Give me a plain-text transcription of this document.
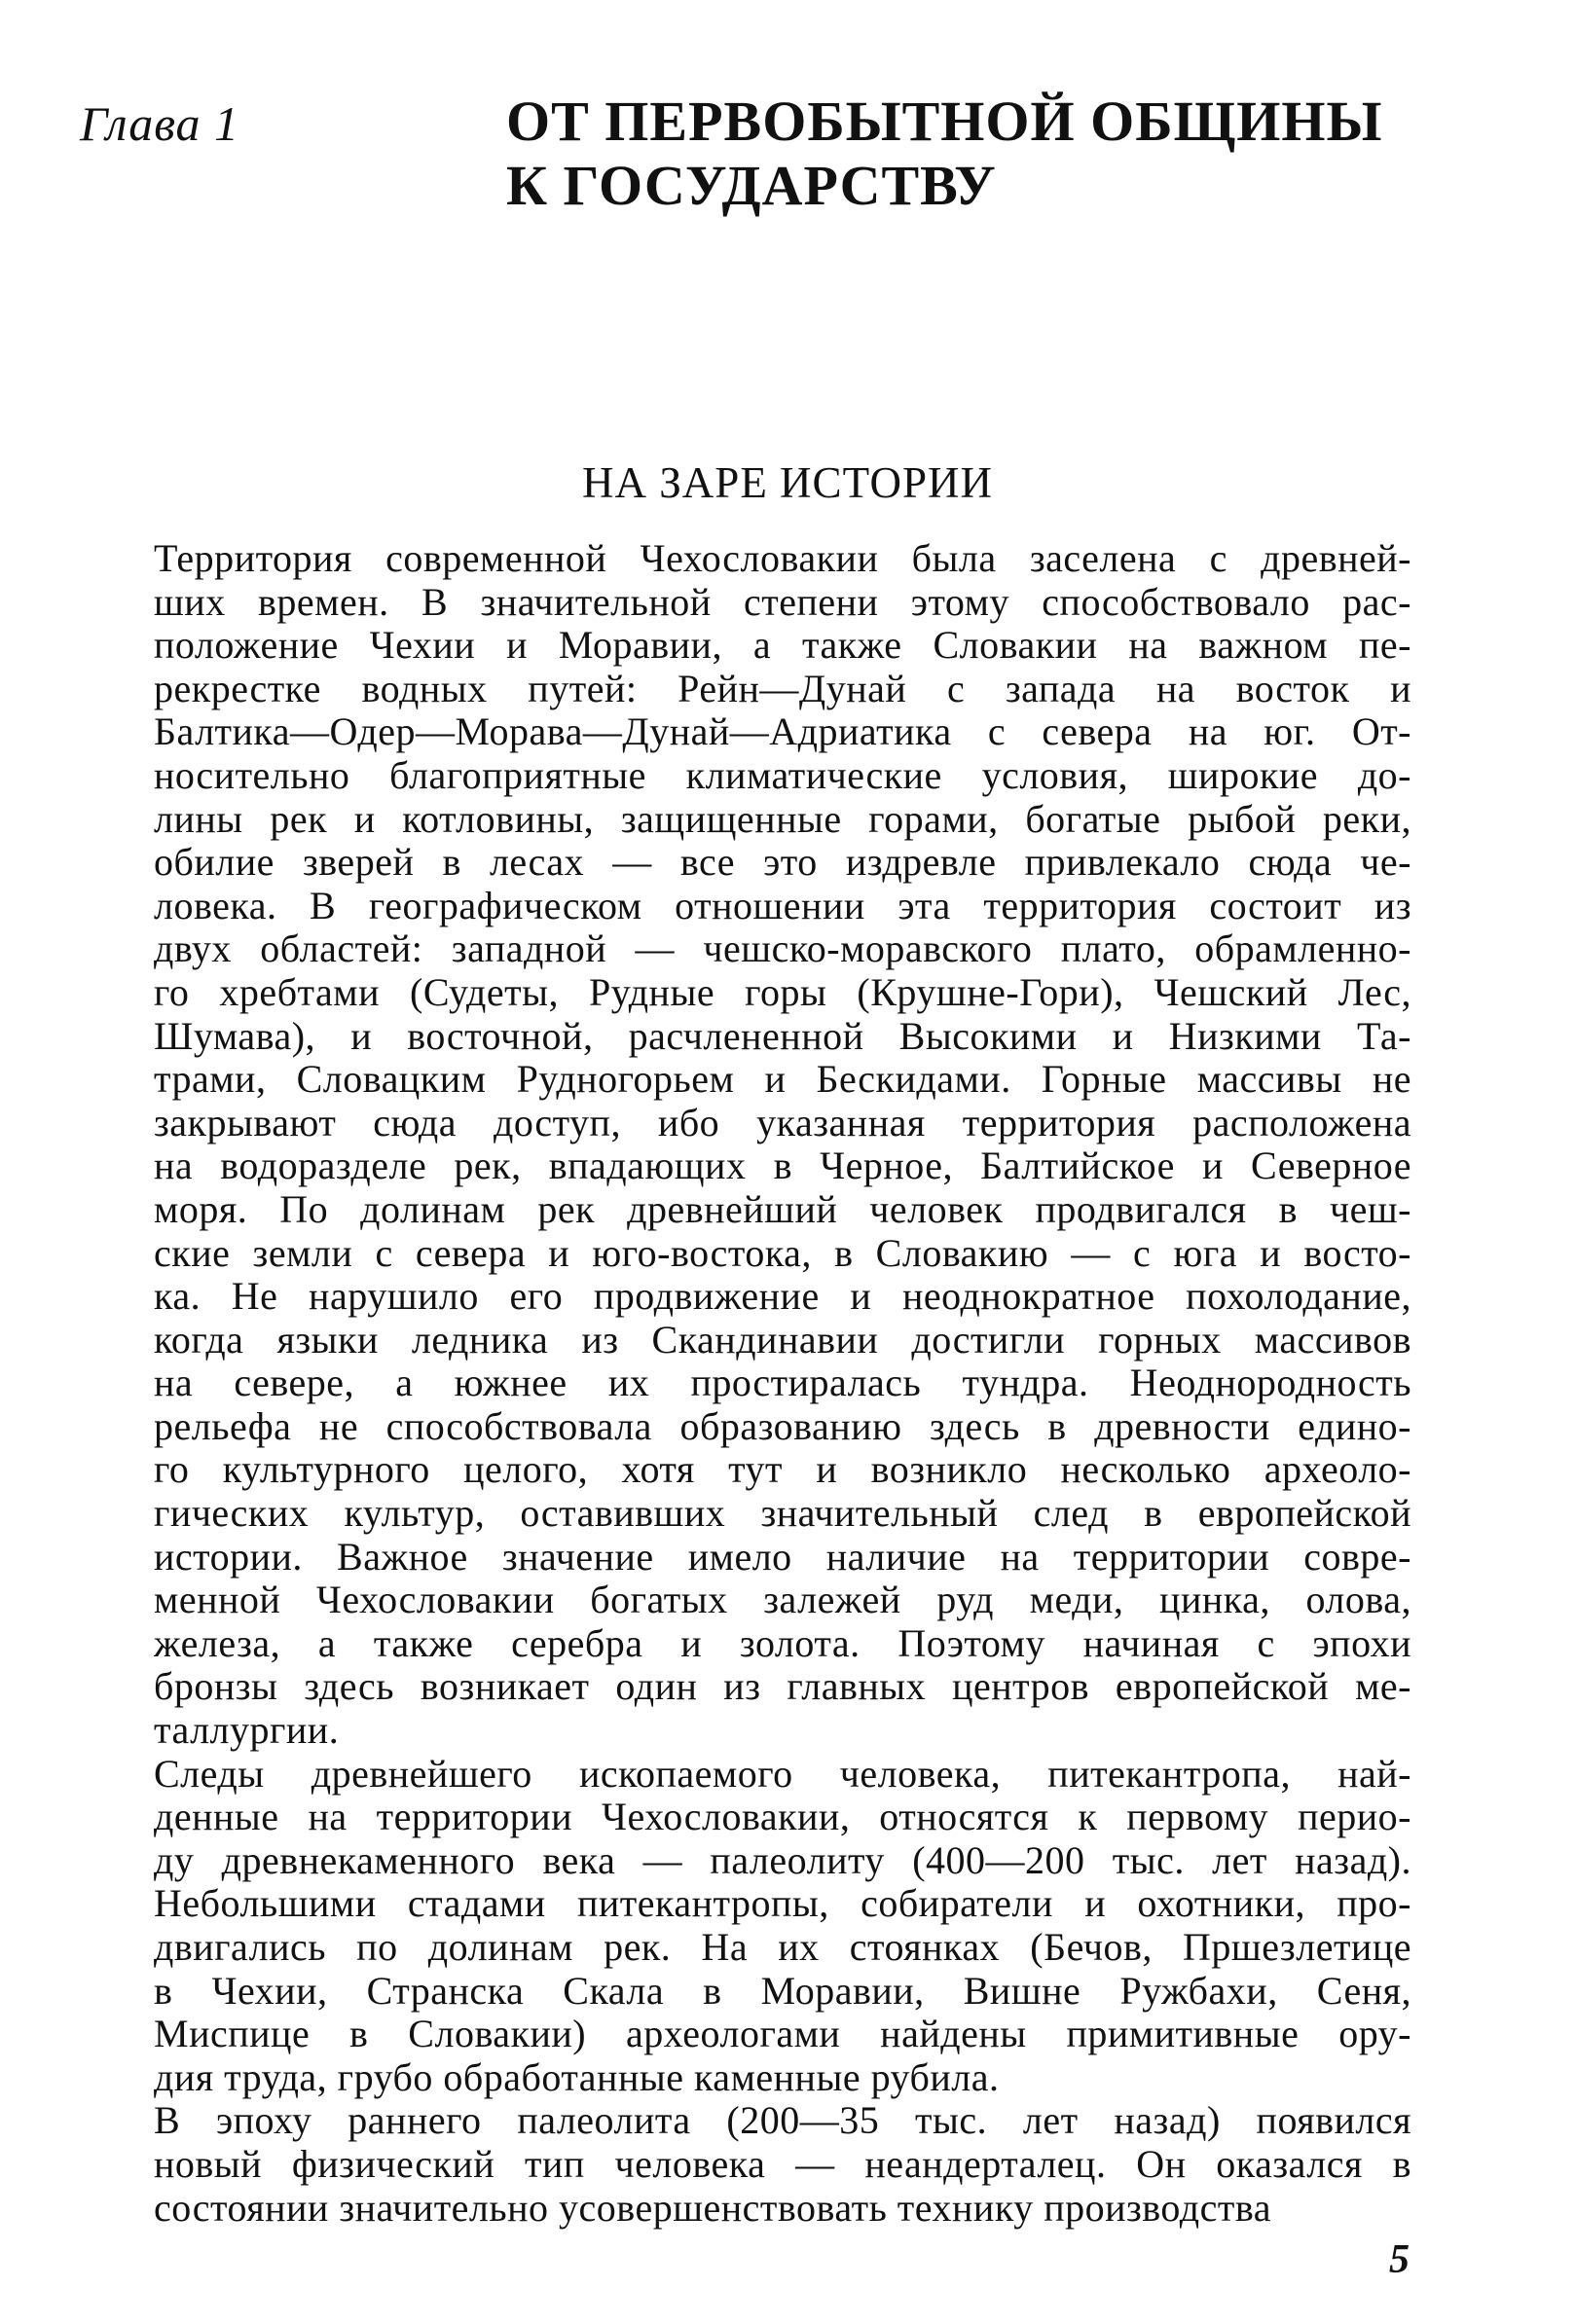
Глава 1	ОТ ПЕРВОБЫТНОЙ ОБЩИНЫ
К ГОСУДАРСТВУ
НА ЗАРЕ ИСТОРИИ

Территория современной Чехословакии была заселена с древней-
ших времен. В значительной степени этому способствовало рас-
положение Чехии и Моравии, а также Словакии на важном пе-
рекрестке водных путей: Рейн—Дунай с запада на восток и
Балтика—Одер—Морава—Дунай—Адриатика с севера на юг. От-
носительно благоприятные климатические условия, широкие до-
лины рек и котловины, защищенные горами, богатые рыбой реки,
обилие зверей в лесах — все это издревле привлекало сюда че-
ловека. В географическом отношении эта территория состоит из
двух областей: западной — чешско-моравского плато, обрамленно-
го хребтами (Судеты, Рудные горы (Крушне-Гори), Чешский Лес,
Шумава), и восточной, расчлененной Высокими и Низкими Та-
трами, Словацким Рудногорьем и Бескидами. Горные массивы не
закрывают сюда доступ, ибо указанная территория расположена
на водоразделе рек, впадающих в Черное, Балтийское и Северное
моря. По долинам рек древнейший человек продвигался в чеш-
ские земли с севера и юго-востока, в Словакию — с юга и восто-
ка. Не нарушило его продвижение и неоднократное похолодание,
когда языки ледника из Скандинавии достигли горных массивов
на севере, а южнее их простиралась тундра. Неоднородность
рельефа не способствовала образованию здесь в древности едино-
го культурного целого, хотя тут и возникло несколько археоло-
гических культур, оставивших значительный след в европейской
истории. Важное значение имело наличие на территории совре-
менной Чехословакии богатых залежей руд меди, цинка, олова,
железа, а также серебра и золота. Поэтому начиная с эпохи
бронзы здесь возникает один из главных центров европейской ме-
таллургии.

Следы древнейшего ископаемого человека, питекантропа, най-
денные на территории Чехословакии, относятся к первому перио-
ду древнекаменного века — палеолиту (400—200 тыс. лет назад).
Небольшими стадами питекантропы, собиратели и охотники, про-
двигались по долинам рек. На их стоянках (Бечов, Пршезлетице
в Чехии, Странска Скала в Моравии, Вишне Ружбахи, Сеня,
Миспице в Словакии) археологами найдены примитивные ору-
дия труда, грубо обработанные каменные рубила.

В эпоху раннего палеолита (200—35 тыс. лет назад) появился
новый физический тип человека — неандерталец. Он оказался в
состоянии значительно усовершенствовать технику производства

5
